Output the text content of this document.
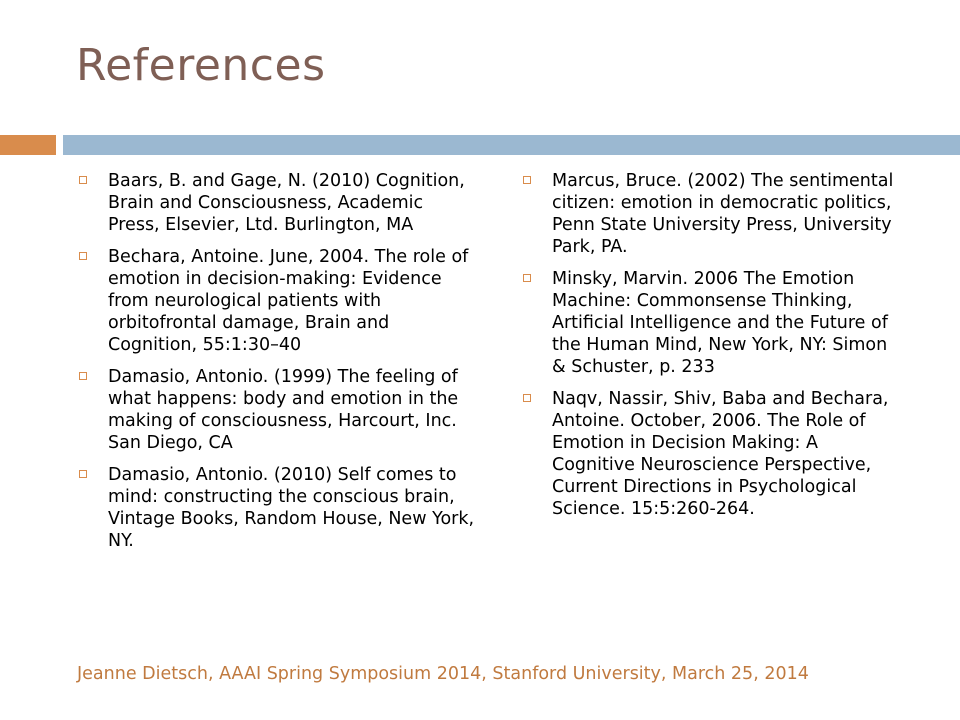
References
Baars, B. and Gage, N. (2010) Cognition, Brain and Consciousness, Academic Press, Elsevier, Ltd. Burlington, MA
Bechara, Antoine. June, 2004. The role of emotion in decision-making: Evidence from neurological patients with orbitofrontal damage, Brain and Cognition, 55:1:30–40
Damasio, Antonio. (1999) The feeling of what happens: body and emotion in the making of consciousness, Harcourt, Inc. San Diego, CA
Damasio, Antonio. (2010) Self comes to mind: constructing the conscious brain, Vintage Books, Random House, New York, NY.
Marcus, Bruce. (2002) The sentimental citizen: emotion in democratic politics, Penn State University Press, University Park, PA.
Minsky, Marvin. 2006 The Emotion Machine: Commonsense Thinking, Artificial Intelligence and the Future of the Human Mind, New York, NY: Simon & Schuster, p. 233
Naqv, Nassir, Shiv, Baba and Bechara, Antoine. October, 2006. The Role of Emotion in Decision Making: A Cognitive Neuroscience Perspective, Current Directions in Psychological Science. 15:5:260-264.
Jeanne Dietsch, AAAI Spring Symposium 2014, Stanford University, March 25, 2014
